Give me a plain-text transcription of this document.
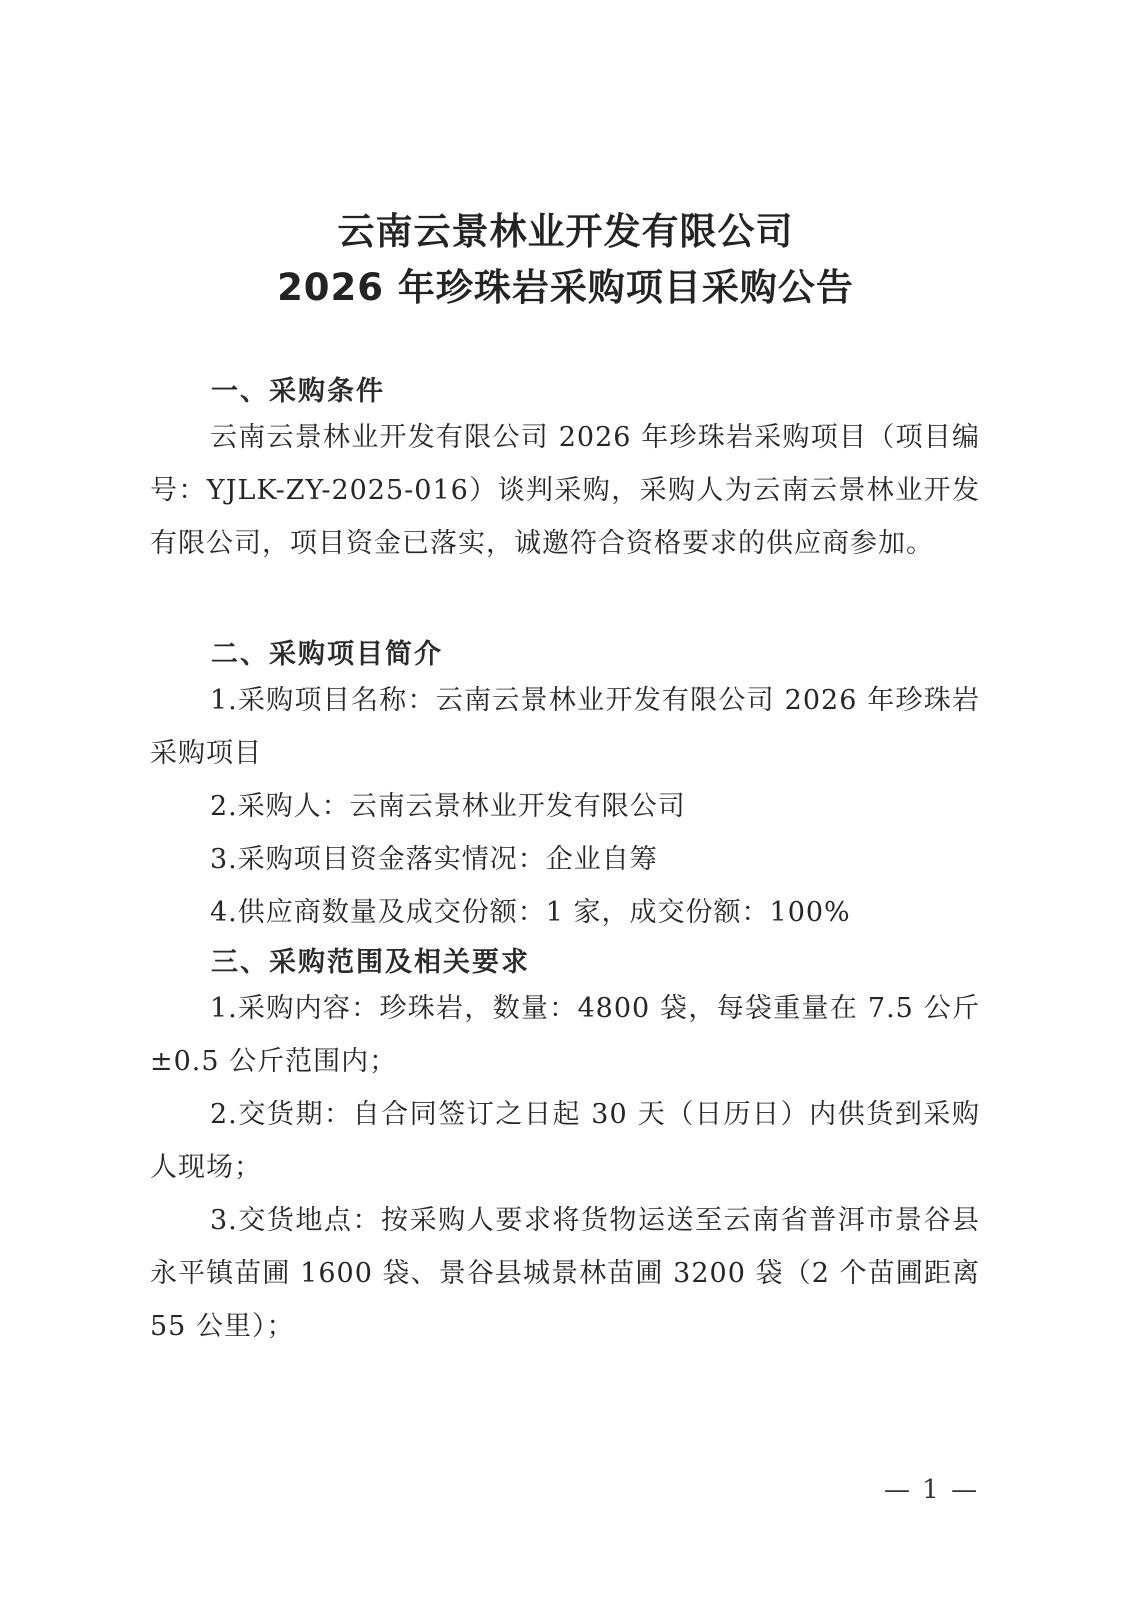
云南云景林业开发有限公司
2026 年珍珠岩采购项目采购公告
一、采购条件

云南云景林业开发有限公司 2026 年珍珠岩采购项目（项目编号：YJLK-ZY-2025-016）谈判采购，采购人为云南云景林业开发有限公司，项目资金已落实，诚邀符合资格要求的供应商参加。

二、采购项目简介

1.采购项目名称：云南云景林业开发有限公司 2026 年珍珠岩采购项目

2.采购人：云南云景林业开发有限公司

3.采购项目资金落实情况：企业自筹

4.供应商数量及成交份额：1 家，成交份额：100%

三、采购范围及相关要求

1.采购内容：珍珠岩，数量：4800 袋，每袋重量在 7.5 公斤±0.5 公斤范围内；

2.交货期：自合同签订之日起 30 天（日历日）内供货到采购人现场；

3.交货地点：按采购人要求将货物运送至云南省普洱市景谷县永平镇苗圃 1600 袋、景谷县城景林苗圃 3200 袋（2 个苗圃距离 55 公里）；

— 1 —
